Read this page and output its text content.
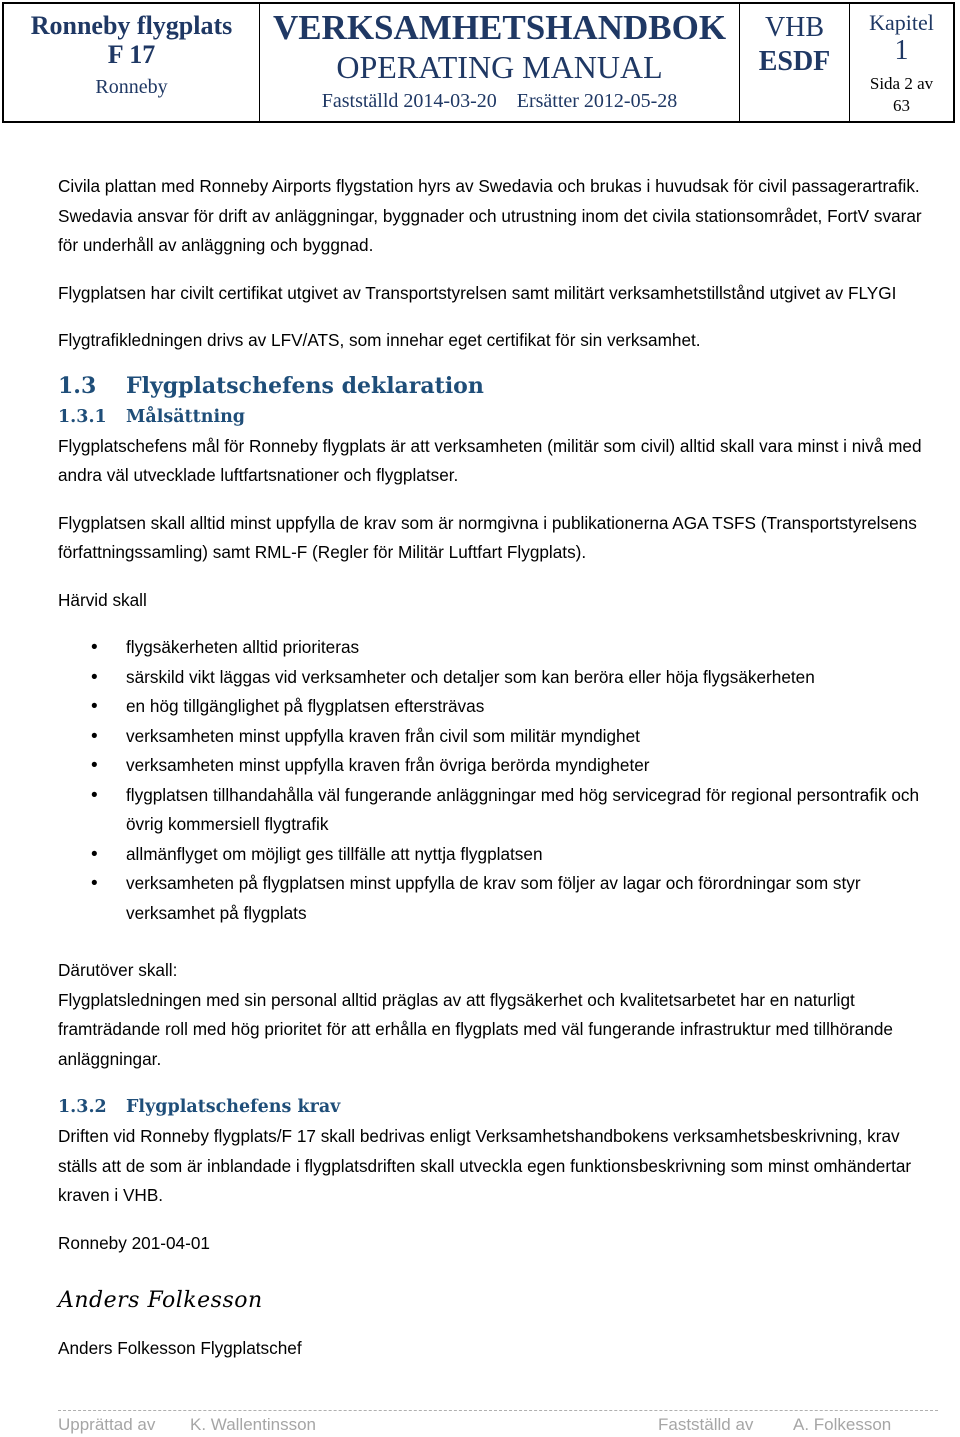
Ronneby flygplats
F 17
Ronneby
VERKSAMHETSHANDBOK
OPERATING MANUAL
Fastställd 2014-03-20 Ersätter 2012-05-28
VHB
ESDF
Kapitel
1
Sida 2 av
63

Civila plattan med Ronneby Airports flygstation hyrs av Swedavia och brukas i huvudsak för civil passagerartrafik. Swedavia ansvar för drift av anläggningar, byggnader och utrustning inom det civila stationsområdet, FortV svarar för underhåll av anläggning och byggnad.

Flygplatsen har civilt certifikat utgivet av Transportstyrelsen samt militärt verksamhetstillstånd utgivet av FLYGI

Flygtrafikledningen drivs av LFV/ATS, som innehar eget certifikat för sin verksamhet.

1.3 Flygplatschefens deklaration

1.3.1 Målsättning

Flygplatschefens mål för Ronneby flygplats är att verksamheten (militär som civil) alltid skall vara minst i nivå med andra väl utvecklade luftfartsnationer och flygplatser.

Flygplatsen skall alltid minst uppfylla de krav som är normgivna i publikationerna AGA TSFS (Transportstyrelsens författningssamling) samt RML-F (Regler för Militär Luftfart Flygplats).

Härvid skall

• flygsäkerheten alltid prioriteras
• särskild vikt läggas vid verksamheter och detaljer som kan beröra eller höja flygsäkerheten
• en hög tillgänglighet på flygplatsen eftersträvas
• verksamheten minst uppfylla kraven från civil som militär myndighet
• verksamheten minst uppfylla kraven från övriga berörda myndigheter
• flygplatsen tillhandahålla väl fungerande anläggningar med hög servicegrad för regional persontrafik och övrig kommersiell flygtrafik
• allmänflyget om möjligt ges tillfälle att nyttja flygplatsen
• verksamheten på flygplatsen minst uppfylla de krav som följer av lagar och förordningar som styr verksamhet på flygplats

Därutöver skall:

Flygplatsledningen med sin personal alltid präglas av att flygsäkerhet och kvalitetsarbetet har en naturligt framträdande roll med hög prioritet för att erhålla en flygplats med väl fungerande infrastruktur med tillhörande anläggningar.

1.3.2 Flygplatschefens krav

Driften vid Ronneby flygplats/F 17 skall bedrivas enligt Verksamhetshandbokens verksamhetsbeskrivning, krav ställs att de som är inblandade i flygplatsdriften skall utveckla egen funktionsbeskrivning som minst omhändertar kraven i VHB.

Ronneby 201-04-01

Anders Folkesson

Anders Folkesson Flygplatschef

Upprättad av K. Wallentinsson	Fastställd av A. Folkesson
